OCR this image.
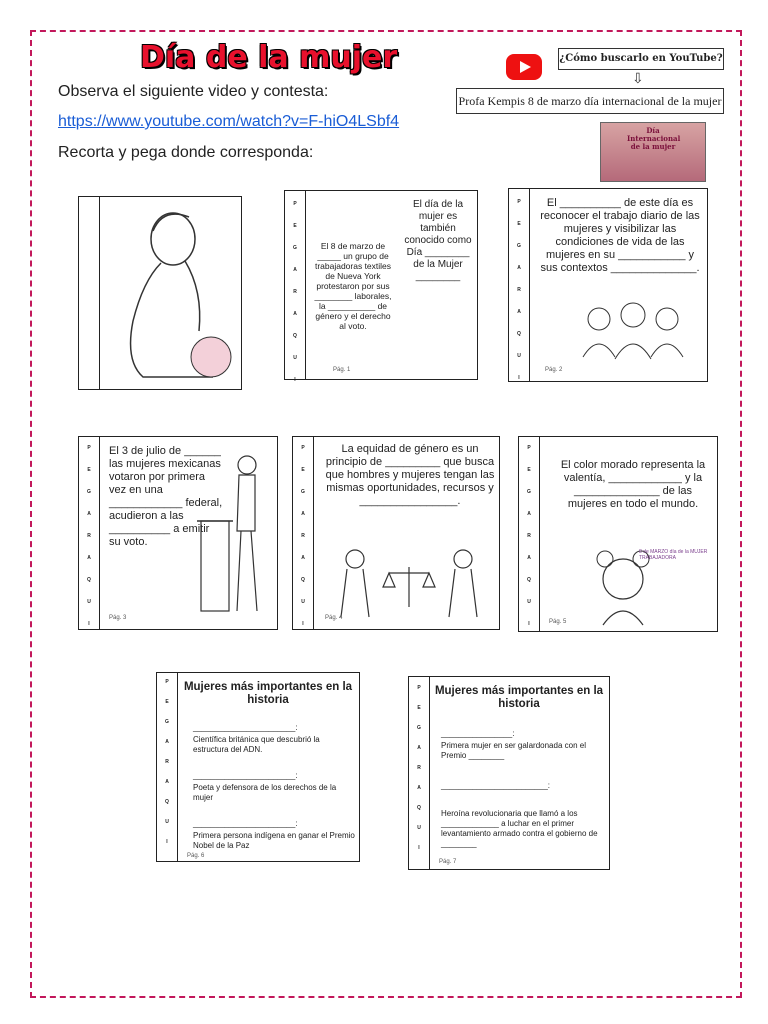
Día de la mujer
Observa el siguiente video y contesta:
https://www.youtube.com/watch?v=F-hiO4LSbf4
Recorta y pega donde corresponda:
¿Cómo buscarlo en YouTube?
⇩
Profa Kempis 8 de marzo día internacional de la mujer
Día Internacional de la mujer
P
E
G
A
R
A
Q
U
I
El 8 de marzo de _____ un grupo de trabajadoras textiles de Nueva York protestaron por sus ________ laborales, la __________ de género y el derecho al voto.
El día de la mujer es también conocido como Día ________ de la Mujer ________
Pág. 1
P
E
G
A
R
A
Q
U
I
El __________ de este día es reconocer el trabajo diario de las mujeres y visibilizar las condiciones de vida de las mujeres en su ___________ y sus contextos ______________.
Pág. 2
P
E
G
A
R
A
Q
U
I
El 3 de julio de ______ las mujeres mexicanas votaron por primera vez en una ____________ federal, acudieron a las __________ a emitir su voto.
Pág. 3
P
E
G
A
R
A
Q
U
I
La equidad de género es un principio de _________ que busca que hombres y mujeres tengan las mismas oportunidades, recursos y ________________.
Pág. 4
P
E
G
A
R
A
Q
U
I
El color morado representa la valentía, ____________ y la ______________ de las mujeres en todo el mundo.
8 de MARZO día de la MUJER TRABAJADORA
Pág. 5
P
E
G
A
R
A
Q
U
I
Mujeres más importantes en la historia
_______________________:
Científica británica que descubrió la estructura del ADN.
_______________________:
Poeta y defensora de los derechos de la mujer
_______________________:
Primera persona indígena en ganar el Premio Nobel de la Paz
Pág. 6
P
E
G
A
R
A
Q
U
I
Mujeres más importantes en la historia
________________:
Primera mujer en ser galardonada con el Premio ________
________________________:
Heroína revolucionaria que llamó a los _____________ a luchar en el primer levantamiento armado contra el gobierno de ________
Pág. 7
